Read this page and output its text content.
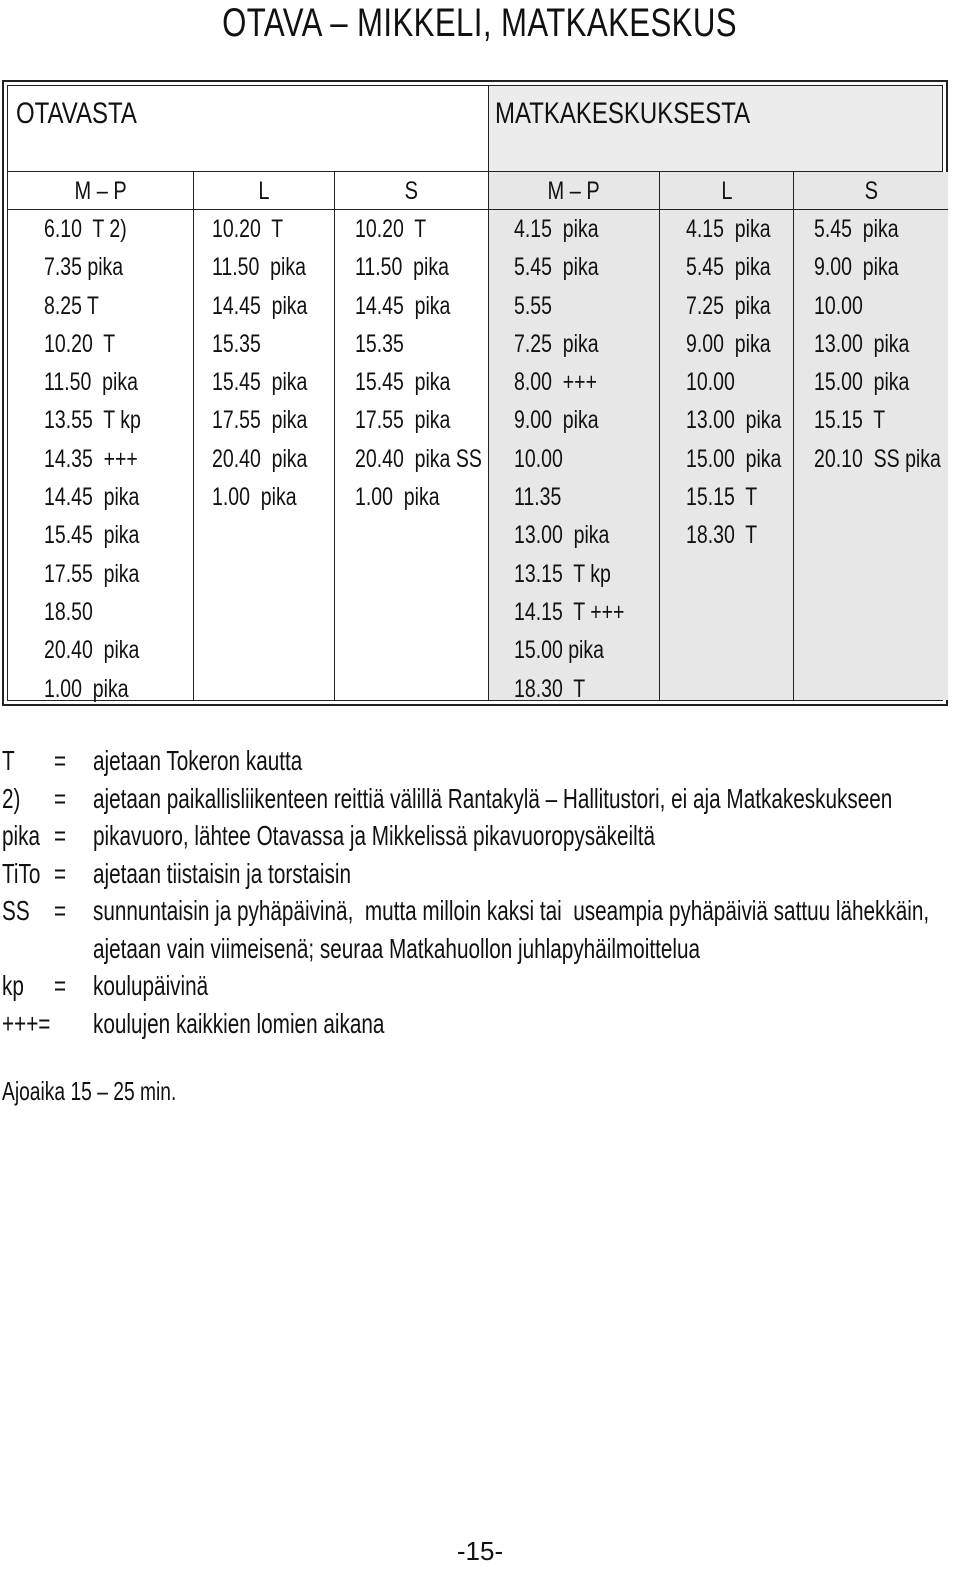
OTAVA – MIKKELI, MATKAKESKUS
OTAVASTA	MATKAKESKUKSESTA
M – P
6.10  T 2)
7.35 pika
8.25 T
10.20  T
11.50  pika
13.55  T kp
14.35  +++
14.45  pika
15.45  pika
17.55  pika
18.50
20.40  pika
1.00  pika
L
10.20  T
11.50  pika
14.45  pika
15.35
15.45  pika
17.55  pika
20.40  pika
1.00  pika
S
10.20  T
11.50  pika
14.45  pika
15.35
15.45  pika
17.55  pika
20.40  pika SS
1.00  pika
M – P
4.15  pika
5.45  pika
5.55
7.25  pika
8.00  +++
9.00  pika
10.00
11.35
13.00  pika
13.15  T kp
14.15  T +++
15.00 pika
18.30  T
L
4.15  pika
5.45  pika
7.25  pika
9.00  pika
10.00
13.00  pika
15.00  pika
15.15  T
18.30  T
S
5.45  pika
9.00  pika
10.00
13.00  pika
15.00  pika
15.15  T
20.10  SS pika
T = ajetaan Tokeron kautta
2) = ajetaan paikallisliikenteen reittiä välillä Rantakylä – Hallitustori, ei aja Matkakeskukseen
pika = pikavuoro, lähtee Otavassa ja Mikkelissä pikavuoropysäkeiltä
TiTo = ajetaan tiistaisin ja torstaisin
SS = sunnuntaisin ja pyhäpäivinä,  mutta milloin kaksi tai  useampia pyhäpäiviä sattuu lähekkäin,
ajetaan vain viimeisenä; seuraa Matkahuollon juhlapyhäilmoittelua
kp = koulupäivinä
+++=	koulujen kaikkien lomien aikana
Ajoaika 15 – 25 min.
-15-
